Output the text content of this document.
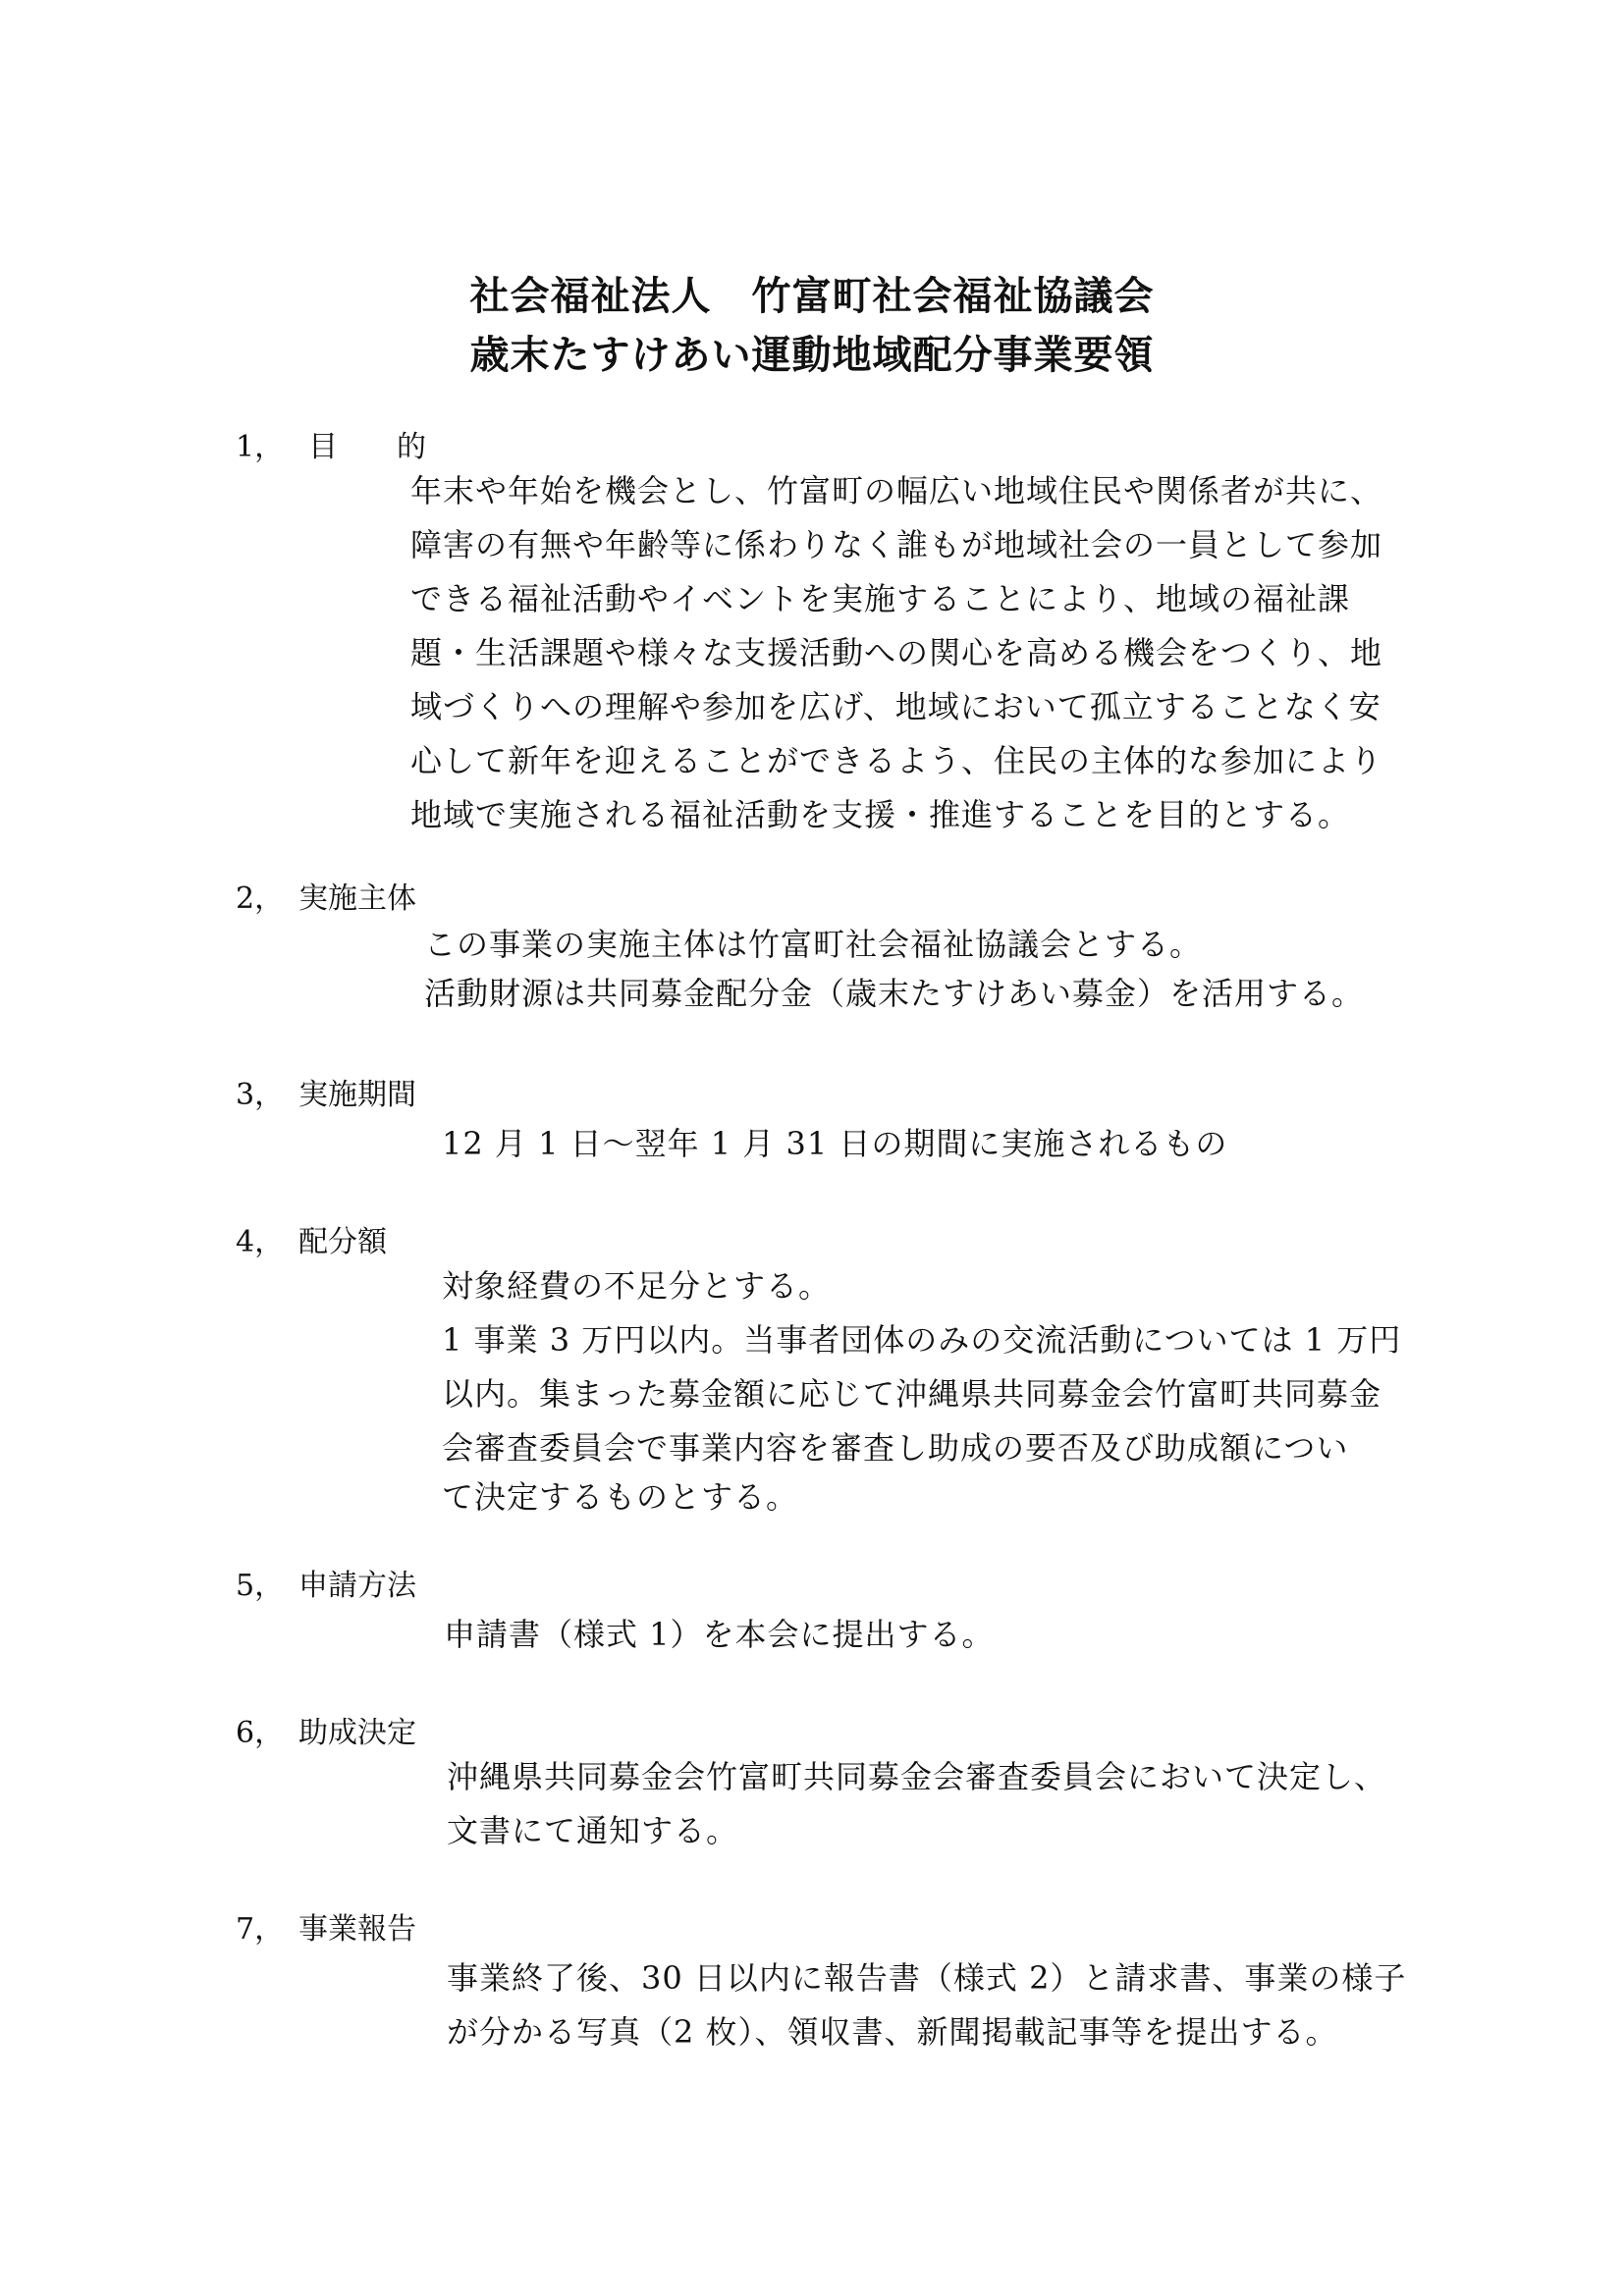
社会福祉法人　竹富町社会福祉協議会
歳末たすけあい運動地域配分事業要領
1， 目　　的
年末や年始を機会とし、竹富町の幅広い地域住民や関係者が共に、
障害の有無や年齢等に係わりなく誰もが地域社会の一員として参加
できる福祉活動やイベントを実施することにより、地域の福祉課
題・生活課題や様々な支援活動への関心を高める機会をつくり、地
域づくりへの理解や参加を広げ、地域において孤立することなく安
心して新年を迎えることができるよう、住民の主体的な参加により
地域で実施される福祉活動を支援・推進することを目的とする。
2， 実施主体
この事業の実施主体は竹富町社会福祉協議会とする。
活動財源は共同募金配分金（歳末たすけあい募金）を活用する。
3， 実施期間
12 月 1 日～翌年 1 月 31 日の期間に実施されるもの
4， 配分額
対象経費の不足分とする。
1 事業 3 万円以内。当事者団体のみの交流活動については 1 万円
以内。集まった募金額に応じて沖縄県共同募金会竹富町共同募金
会審査委員会で事業内容を審査し助成の要否及び助成額につい
て決定するものとする。
5， 申請方法
申請書（様式 1）を本会に提出する。
6， 助成決定
沖縄県共同募金会竹富町共同募金会審査委員会において決定し、
文書にて通知する。
7， 事業報告
事業終了後、30 日以内に報告書（様式 2）と請求書、事業の様子
が分かる写真（2 枚）、領収書、新聞掲載記事等を提出する。
